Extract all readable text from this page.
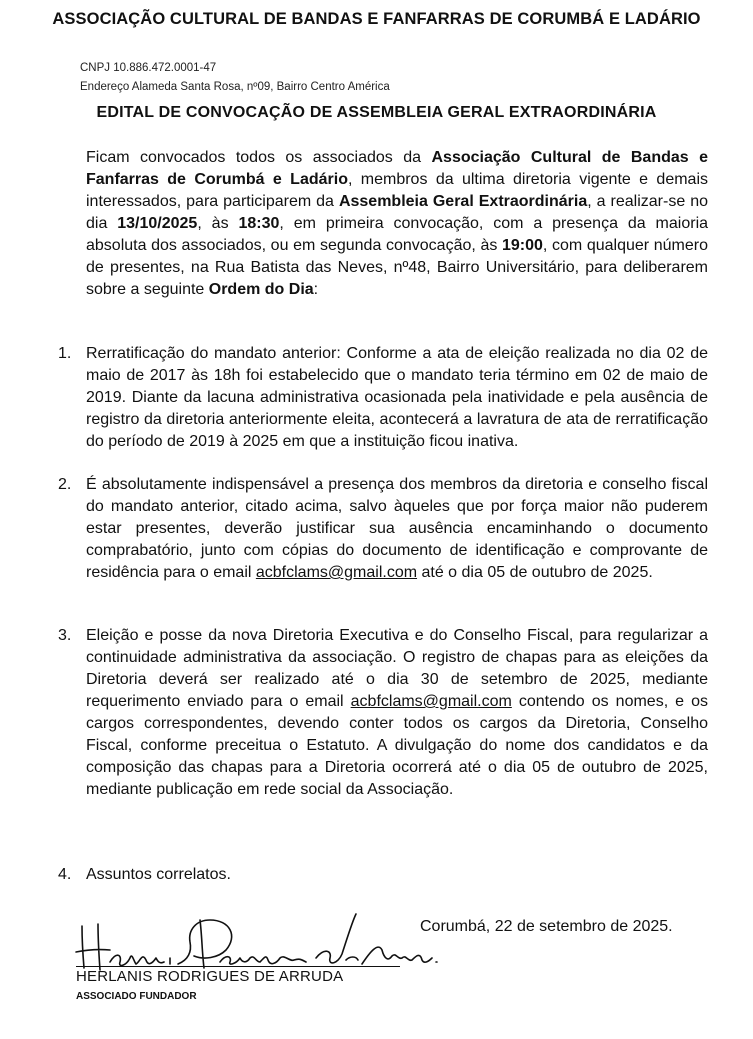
ASSOCIAÇÃO CULTURAL DE BANDAS E FANFARRAS DE CORUMBÁ E LADÁRIO
CNPJ 10.886.472.0001-47
Endereço Alameda Santa Rosa, nº09, Bairro Centro América
EDITAL DE CONVOCAÇÃO DE ASSEMBLEIA GERAL EXTRAORDINÁRIA
Ficam convocados todos os associados da Associação Cultural de Bandas e Fanfarras de Corumbá e Ladário, membros da ultima diretoria vigente e demais interessados, para participarem da Assembleia Geral Extraordinária, a realizar-se no dia 13/10/2025, às 18:30, em primeira convocação, com a presença da maioria absoluta dos associados, ou em segunda convocação, às 19:00, com qualquer número de presentes, na Rua Batista das Neves, nº48, Bairro Universitário, para deliberarem sobre a seguinte Ordem do Dia:
1. Rerratificação do mandato anterior: Conforme a ata de eleição realizada no dia 02 de maio de 2017 às 18h foi estabelecido que o mandato teria término em 02 de maio de 2019. Diante da lacuna administrativa ocasionada pela inatividade e pela ausência de registro da diretoria anteriormente eleita, acontecerá a lavratura de ata de rerratificação do período de 2019 à 2025 em que a instituição ficou inativa.
2. É absolutamente indispensável a presença dos membros da diretoria e conselho fiscal do mandato anterior, citado acima, salvo àqueles que por força maior não puderem estar presentes, deverão justificar sua ausência encaminhando o documento comprabatório, junto com cópias do documento de identificação e comprovante de residência para o email acbfclams@gmail.com até o dia 05 de outubro de 2025.
3. Eleição e posse da nova Diretoria Executiva e do Conselho Fiscal, para regularizar a continuidade administrativa da associação. O registro de chapas para as eleições da Diretoria deverá ser realizado até o dia 30 de setembro de 2025, mediante requerimento enviado para o email acbfclams@gmail.com contendo os nomes, e os cargos correspondentes, devendo conter todos os cargos da Diretoria, Conselho Fiscal, conforme preceitua o Estatuto. A divulgação do nome dos candidatos e da composição das chapas para a Diretoria ocorrerá até o dia 05 de outubro de 2025, mediante publicação em rede social da Associação.
4. Assuntos correlatos.
Corumbá, 22 de setembro de 2025.
HERLANIS RODRIGUES DE ARRUDA
ASSOCIADO FUNDADOR
